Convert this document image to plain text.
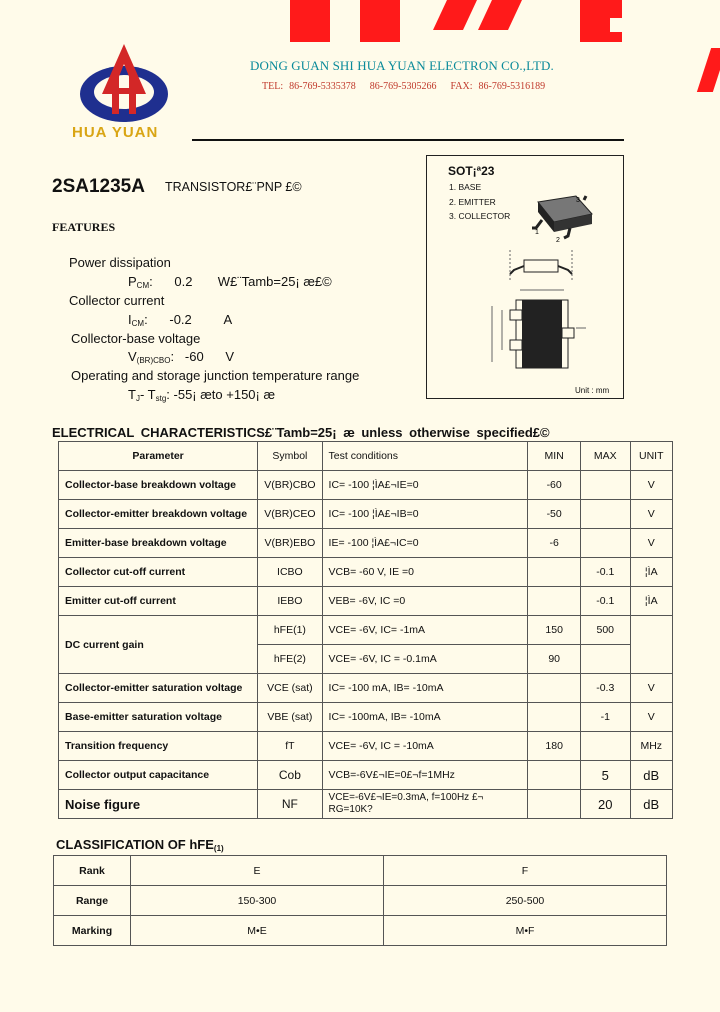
HUA YUAN
DONG GUAN SHI HUA YUAN ELECTRON CO.,LTD.
TEL: 86-769-5335378 86-769-5305266 FAX: 86-769-5316189
2SA1235A TRANSISTOR£¨PNP £©
FEATURES
Power dissipation
PCM:      0.2       W£¨Tamb=25¡ æ£©
Collector current
ICM:      -0.2         A
Collector-base voltage
V(BR)CBO:   -60      V
Operating and storage junction temperature range
TJ- Tstg: -55¡ æto +150¡ æ
SOT¡ª23
1. BASE
2. EMITTER
3. COLLECTOR
1
2
3
Unit : mm
ELECTRICAL CHARACTERISTICS£¨Tamb=25¡ æ unless otherwise specified£©
Parameter	Symbol	Test conditions	MIN	MAX	UNIT
Collector-base breakdown voltage	V(BR)CBO	IC= -100 ¦ÌA£¬IE=0	-60		V
Collector-emitter breakdown voltage	V(BR)CEO	IC= -100 ¦ÌA£¬IB=0	-50		V
Emitter-base breakdown voltage	V(BR)EBO	IE= -100 ¦ÌA£¬IC=0	-6		V
Collector cut-off current	ICBO	VCB= -60 V, IE =0		-0.1	¦ÌA
Emitter cut-off current	IEBO	VEB= -6V, IC =0		-0.1	¦ÌA
DC current gain	hFE(1)	VCE= -6V, IC= -1mA	150	500	
	hFE(2)	VCE= -6V, IC = -0.1mA	90		
Collector-emitter saturation voltage	VCE (sat)	IC= -100 mA, IB= -10mA		-0.3	V
Base-emitter saturation voltage	VBE (sat)	IC= -100mA, IB= -10mA		-1	V
Transition frequency	fT	VCE= -6V, IC = -10mA	180		MHz
Collector output capacitance	Cob	VCB=-6V£¬IE=0£¬f=1MHz		5	dB
Noise figure	NF	VCE=-6V£¬IE=0.3mA, f=100Hz £¬ RG=10K?		20	dB
CLASSIFICATION OF hFE(1)
Rank	E	F
Range	150-300	250-500
Marking	M•E	M•F
